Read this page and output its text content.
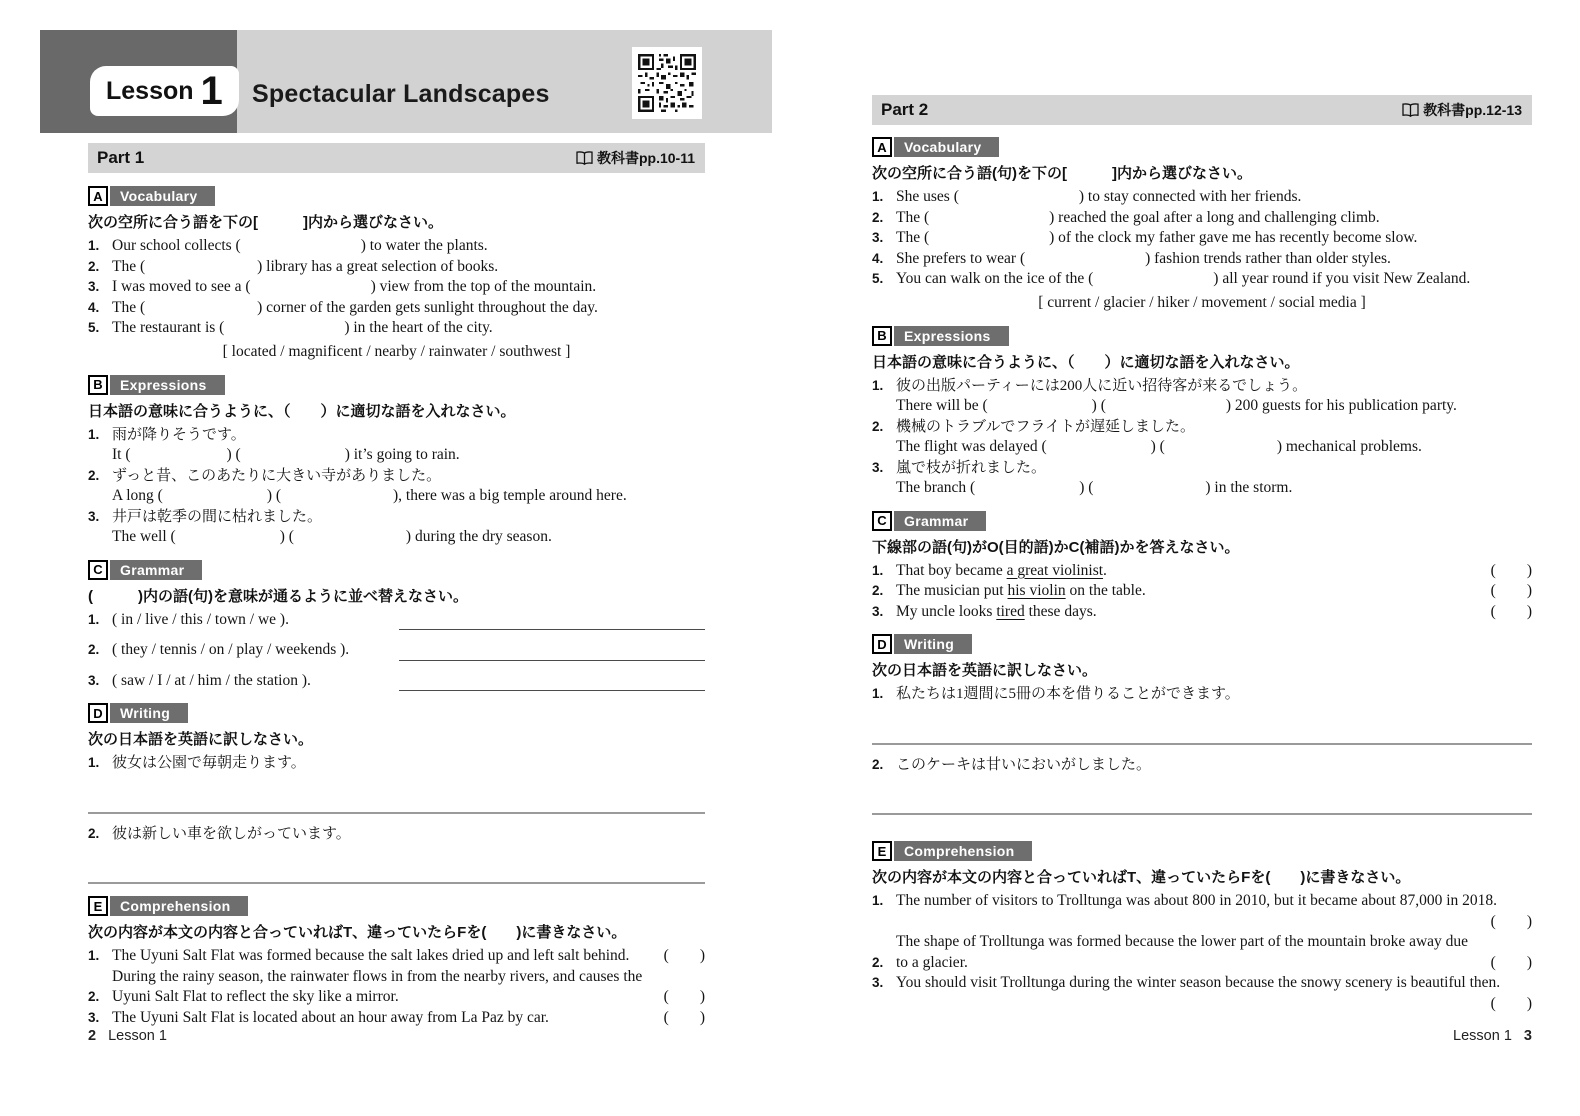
Lesson 1 Spectacular Landscapes
Part 1	教科書pp.10-11
A	Vocabulary
次の空所に合う語を下の[　　　]内から選びなさい。
1. Our school collects (	) to water the plants.
2. The (	) library has a great selection of books.
3. I was moved to see a (	) view from the top of the mountain.
4. The (	) corner of the garden gets sunlight throughout the day.
5. The restaurant is (	) in the heart of the city.
[ located / magnificent / nearby / rainwater / southwest ]
B	Expressions
日本語の意味に合うように、（　　）に適切な語を入れなさい。
1. 雨が降りそうです。
It (	) (	) it’s going to rain.
2. ずっと昔、このあたりに大きい寺がありました。
A long (	) (	), there was a big temple around here.
3. 井戸は乾季の間に枯れました。
The well (	) (	) during the dry season.
C	Grammar
(　　　)内の語(句)を意味が通るように並べ替えなさい。
1. ( in / live / this / town / we ).
2. ( they / tennis / on / play / weekends ).
3. ( saw / I / at / him / the station ).
D	Writing
次の日本語を英語に訳しなさい。
1. 彼女は公園で毎朝走ります。
2. 彼は新しい車を欲しがっています。
E	Comprehension
次の内容が本文の内容と合っていればT、違っていたらFを(　　)に書きなさい。
1. The Uyuni Salt Flat was formed because the salt lakes dried up and left salt behind.	(　　)
2.
During the rainy season, the rainwater flows in from the nearby rivers, and causes the Uyuni Salt Flat to reflect the sky like a mirror.	(　　)
3. The Uyuni Salt Flat is located about an hour away from La Paz by car.	(　　)
Part 2	教科書pp.12-13
A	Vocabulary
次の空所に合う語(句)を下の[　　　]内から選びなさい。
1. She uses (	) to stay connected with her friends.
2. The (	) reached the goal after a long and challenging climb.
3. The (	) of the clock my father gave me has recently become slow.
4. She prefers to wear (	) fashion trends rather than older styles.
5. You can walk on the ice of the (	) all year round if you visit New Zealand.
[ current / glacier / hiker / movement / social media ]
B	Expressions
日本語の意味に合うように、（　　）に適切な語を入れなさい。
1. 彼の出版パーティーには200人に近い招待客が来るでしょう。
There will be (	) (	) 200 guests for his publication party.
2. 機械のトラブルでフライトが遅延しました。
The flight was delayed (	) (	) mechanical problems.
3. 嵐で枝が折れました。
The branch (	) (	) in the storm.
C	Grammar
下線部の語(句)がO(目的語)かC(補語)かを答えなさい。
1. That boy became a great violinist.	(　　)
2. The musician put his violin on the table.	(　　)
3. My uncle looks tired these days.	(　　)
D	Writing
次の日本語を英語に訳しなさい。
1. 私たちは1週間に5冊の本を借りることができます。
2. このケーキは甘いにおいがしました。
E	Comprehension
次の内容が本文の内容と合っていればT、違っていたらFを(　　)に書きなさい。
1. The number of visitors to Trolltunga was about 800 in 2010, but it became about 87,000 in 2018.
(　　)
2.
The shape of Trolltunga was formed because the lower part of the mountain broke away due to a glacier.	(　　)
3. You should visit Trolltunga during the winter season because the snowy scenery is beautiful then.
(　　)
2 Lesson 1	Lesson 1 3
